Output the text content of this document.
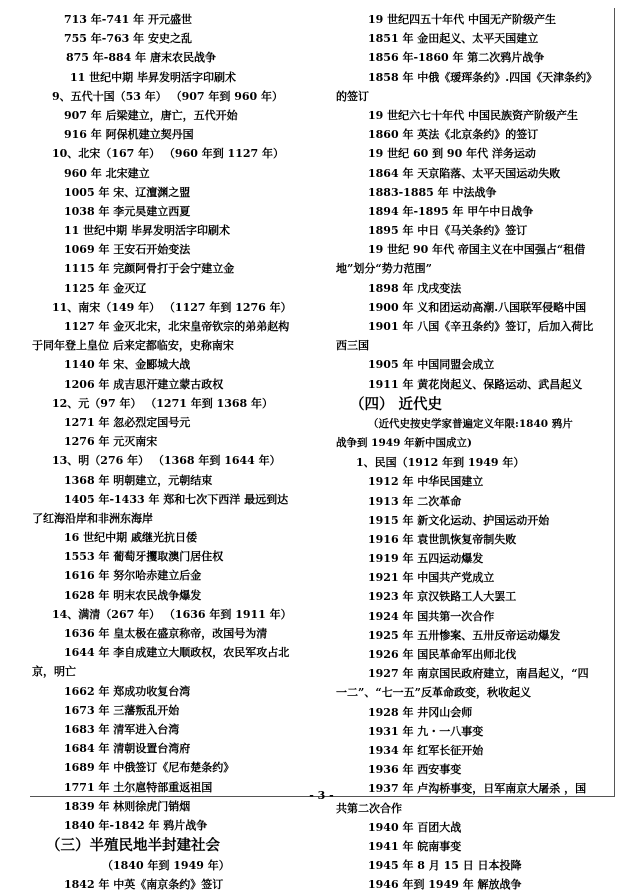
713 年-741 年 开元盛世
755 年-763 年 安史之乱
875 年-884 年 唐末农民战争
11 世纪中期 毕昇发明活字印刷术
9、五代十国（53 年） （907 年到 960 年）
907 年 后梁建立，唐亡，五代开始
916 年 阿保机建立契丹国
10、北宋（167 年） （960 年到 1127 年）
960 年 北宋建立
1005 年 宋、辽澶渊之盟
1038 年 李元昊建立西夏
11 世纪中期 毕昇发明活字印刷术
1069 年 王安石开始变法
1115 年 完颜阿骨打于会宁建立金
1125 年 金灭辽
11、南宋（149 年） （1127 年到 1276 年）
1127 年 金灭北宋，北宋皇帝钦宗的弟弟赵构
于同年登上皇位 后来定都临安，史称南宋
1140 年 宋、金郾城大战
1206 年 成吉思汗建立蒙古政权
12、元（97 年） （1271 年到 1368 年）
1271 年 忽必烈定国号元
1276 年 元灭南宋
13、明（276 年） （1368 年到 1644 年）
1368 年 明朝建立，元朝结束
1405 年-1433 年 郑和七次下西洋 最远到达
了红海沿岸和非洲东海岸
16 世纪中期 戚继光抗日倭
1553 年 葡萄牙攫取澳门居住权
1616 年 努尔哈赤建立后金
1628 年 明末农民战争爆发
14、满清（267 年） （1636 年到 1911 年）
1636 年 皇太极在盛京称帝，改国号为清
1644 年 李自成建立大顺政权，农民军攻占北
京，明亡
1662 年 郑成功收复台湾
1673 年 三藩叛乱开始
1683 年 清军进入台湾
1684 年 清朝设置台湾府
1689 年 中俄签订《尼布楚条约》
1771 年 土尔扈特部重返祖国
1839 年 林则徐虎门销烟
1840 年-1842 年 鸦片战争
（三）半殖民地半封建社会
（1840 年到 1949 年）
1842 年 中英《南京条约》签订
19 世纪四五十年代 中国无产阶级产生
1851 年 金田起义、太平天国建立
1856 年-1860 年 第二次鸦片战争
1858 年 中俄《瑷珲条约》.四国《天津条约》
的签订
19 世纪六七十年代 中国民族资产阶级产生
1860 年 英法《北京条约》的签订
19 世纪 60 到 90 年代 洋务运动
1864 年 天京陷落、太平天国运动失败
1883-1885 年 中法战争
1894 年-1895 年 甲午中日战争
1895 年 中日《马关条约》签订
19 世纪 90 年代 帝国主义在中国强占“租借
地”划分“势力范围”
1898 年 戊戌变法
1900 年 义和团运动高潮.八国联军侵略中国
1901 年 八国《辛丑条约》签订，后加入荷比
西三国
1905 年 中国同盟会成立
1911 年 黄花岗起义、保路运动、武昌起义
（四） 近代史
（近代史按史学家普遍定义年限:1840 鸦片
战争到 1949 年新中国成立)
1、民国（1912 年到 1949 年）
1912 年 中华民国建立
1913 年 二次革命
1915 年 新文化运动、护国运动开始
1916 年 袁世凯恢复帝制失败
1919 年 五四运动爆发
1921 年 中国共产党成立
1923 年 京汉铁路工人大罢工
1924 年 国共第一次合作
1925 年 五卅惨案、五卅反帝运动爆发
1926 年 国民革命军出师北伐
1927 年 南京国民政府建立，南昌起义，“四
一二”、“七一五”反革命政变，秋收起义
1928 年 井冈山会师
1931 年 九・一八事变
1934 年 红军长征开始
1936 年 西安事变
1937 年 卢沟桥事变，日军南京大屠杀 ，国
共第二次合作
1940 年 百团大战
1941 年 皖南事变
1945 年 8 月 15 日 日本投降
1946 年到 1949 年 解放战争
- 3 -
